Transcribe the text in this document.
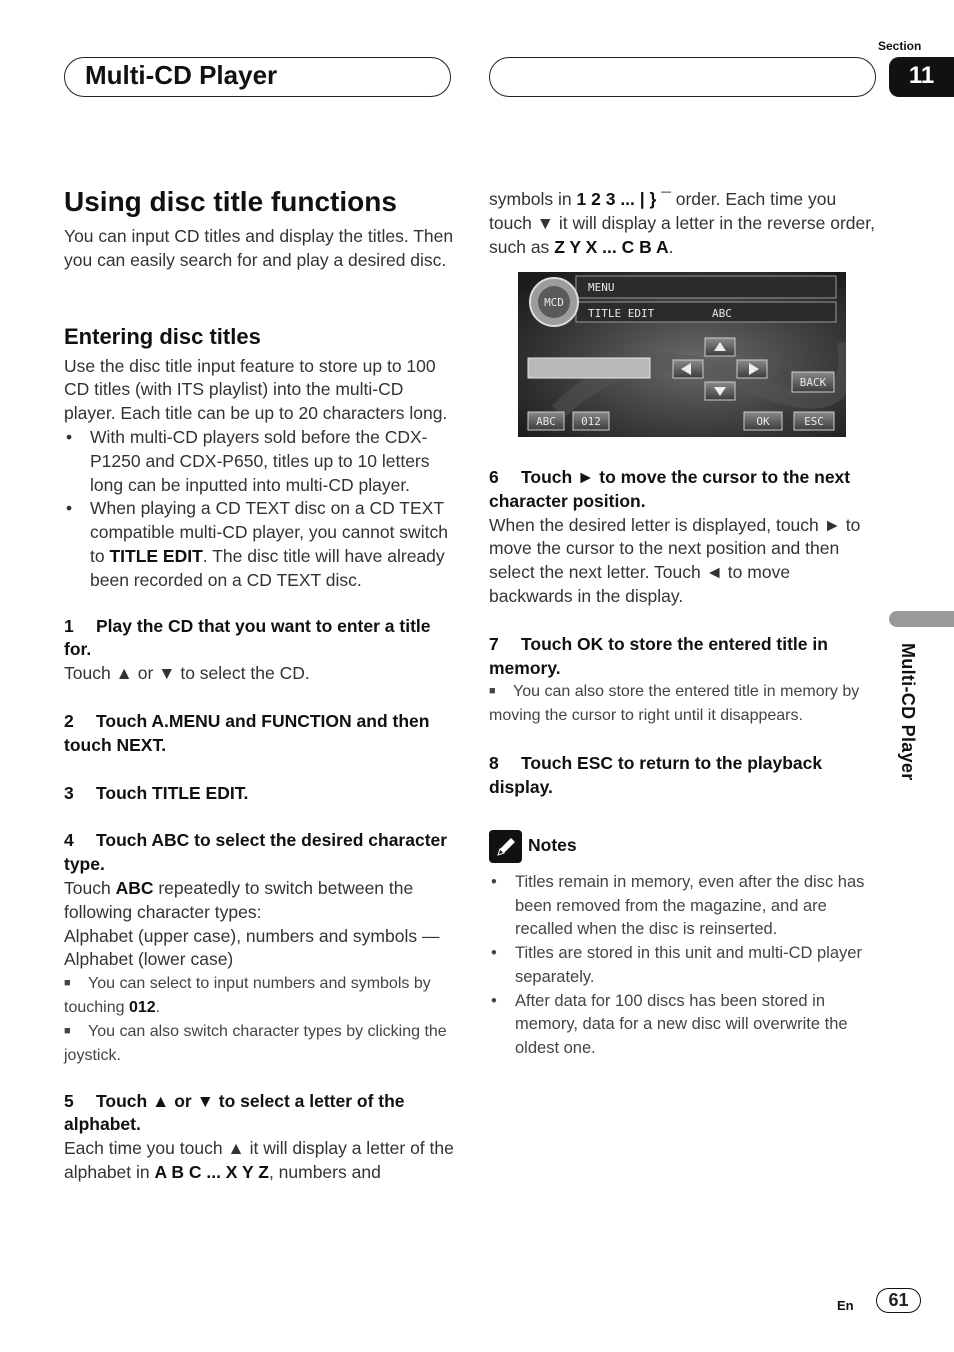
Multi-CD Player
Section
11

Using disc title functions

You can input CD titles and display the titles. Then you can easily search for and play a desired disc.

Entering disc titles

Use the disc title input feature to store up to 100 CD titles (with ITS playlist) into the multi-CD player. Each title can be up to 20 characters long.

• With multi-CD players sold before the CDX-P1250 and CDX-P650, titles up to 10 letters long can be inputted into multi-CD player.

• When playing a CD TEXT disc on a CD TEXT compatible multi-CD player, you cannot switch to TITLE EDIT. The disc title will have already been recorded on a CD TEXT disc.

1 Play the CD that you want to enter a title for.

Touch ▲ or ▼ to select the CD.

2 Touch A.MENU and FUNCTION and then touch NEXT.

3 Touch TITLE EDIT.

4 Touch ABC to select the desired character type.

Touch ABC repeatedly to switch between the following character types:

Alphabet (upper case), numbers and symbols —Alphabet (lower case)

■ You can select to input numbers and symbols by touching 012.

■ You can also switch character types by clicking the joystick.

5 Touch ▲ or ▼ to select a letter of the alphabet.

Each time you touch ▲ it will display a letter of the alphabet in A B C ... X Y Z, numbers and

symbols in 1 2 3 ... | } ¯ order. Each time you touch ▼ it will display a letter in the reverse order, such as Z Y X ... C B A.

MCD
MENU
TITLE EDIT	ABC
BACK
ABC 012	OK	ESC

6 Touch ► to move the cursor to the next character position.

When the desired letter is displayed, touch ► to move the cursor to the next position and then select the next letter. Touch ◄ to move backwards in the display.

7 Touch OK to store the entered title in memory.

■ You can also store the entered title in memory by moving the cursor to right until it disappears.

8 Touch ESC to return to the playback display.

Notes

• Titles remain in memory, even after the disc has been removed from the magazine, and are recalled when the disc is reinserted.

• Titles are stored in this unit and multi-CD player separately.

• After data for 100 discs has been stored in memory, data for a new disc will overwrite the oldest one.

Multi-CD Player
En	61
